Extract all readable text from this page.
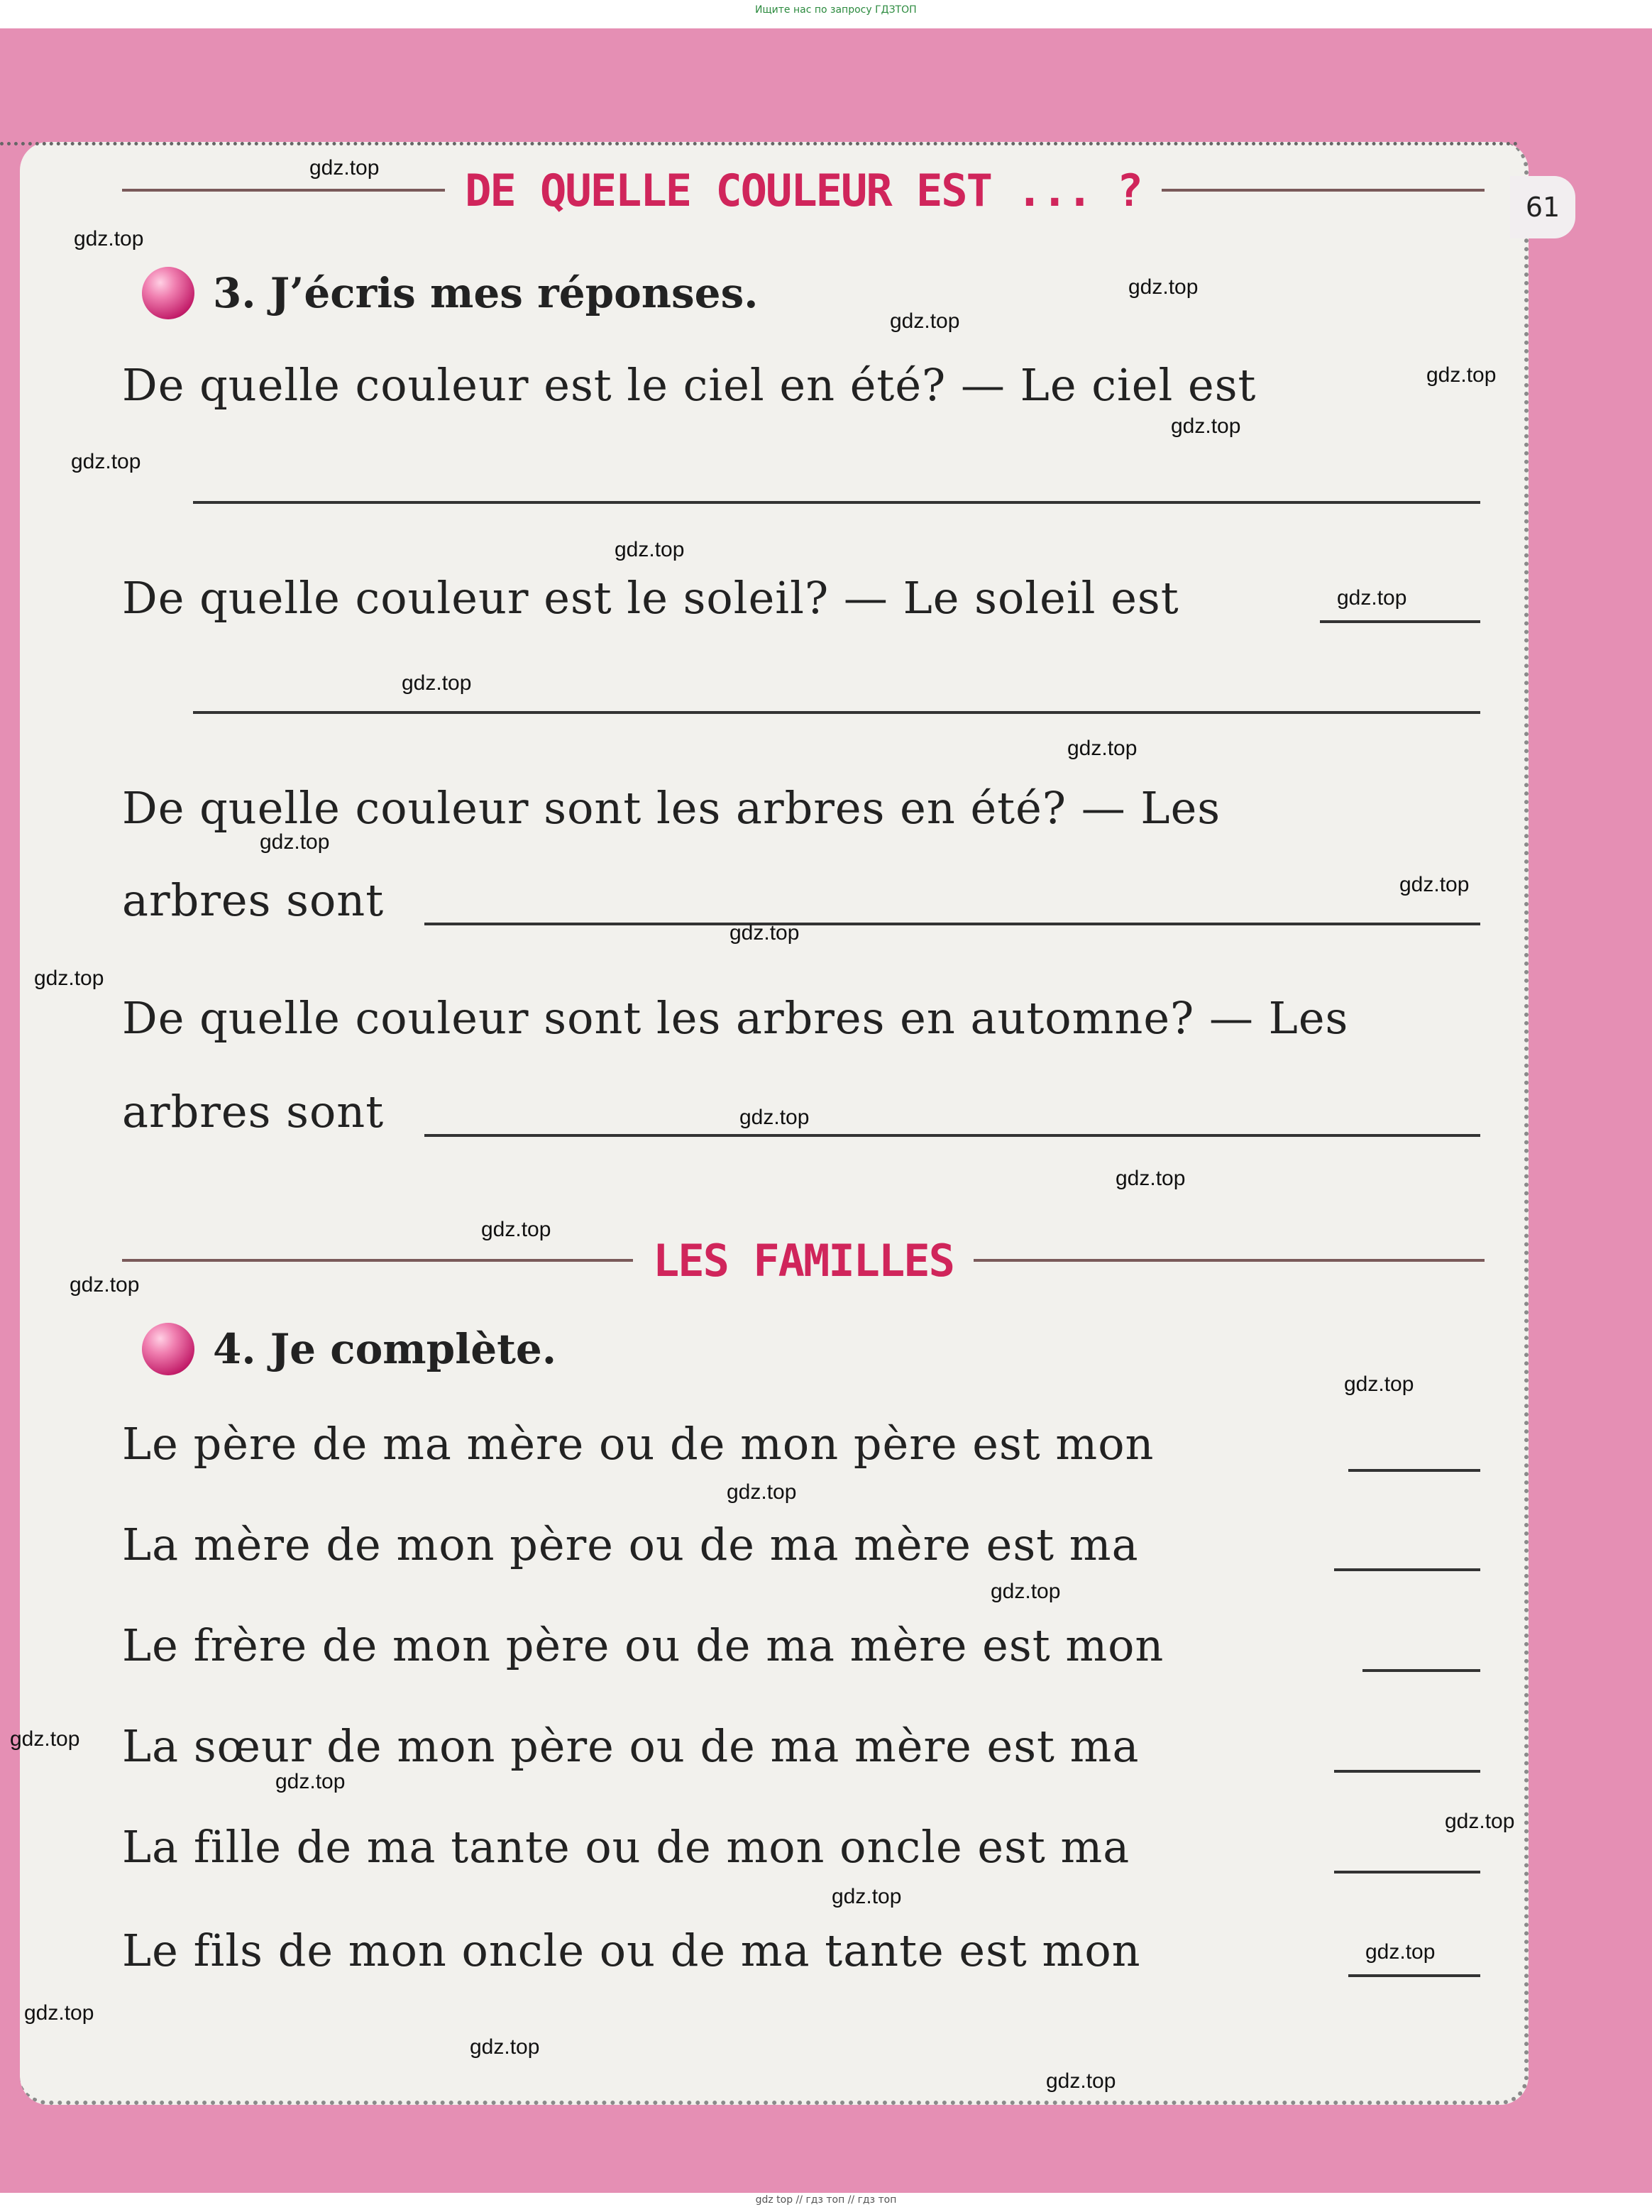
Ищите нас по запросу ГДЗТОП
61
DE QUELLE COULEUR EST ... ?
3. J’écris mes réponses.
De quelle couleur est le ciel en été? — Le ciel est
De quelle couleur est le soleil? — Le soleil est
De quelle couleur sont les arbres en été? — Les
arbres sont
De quelle couleur sont les arbres en automne? — Les
arbres sont
LES FAMILLES
4. Je complète.
Le père de ma mère ou de mon père est mon
La mère de mon père ou de ma mère est ma
Le frère de mon père ou de ma mère est mon
La sœur de mon père ou de ma mère est ma
La fille de ma tante ou de mon oncle est ma
Le fils de mon oncle ou de ma tante est mon
gdz.top
gdz.top
gdz.top
gdz.top
gdz.top
gdz.top
gdz.top
gdz.top
gdz.top
gdz.top
gdz.top
gdz.top
gdz.top
gdz.top
gdz.top
gdz.top
gdz.top
gdz.top
gdz.top
gdz.top
gdz.top
gdz.top
gdz.top
gdz.top
gdz.top
gdz.top
gdz.top
gdz.top
gdz.top
gdz.top
gdz top // гдз топ // гдз топ
